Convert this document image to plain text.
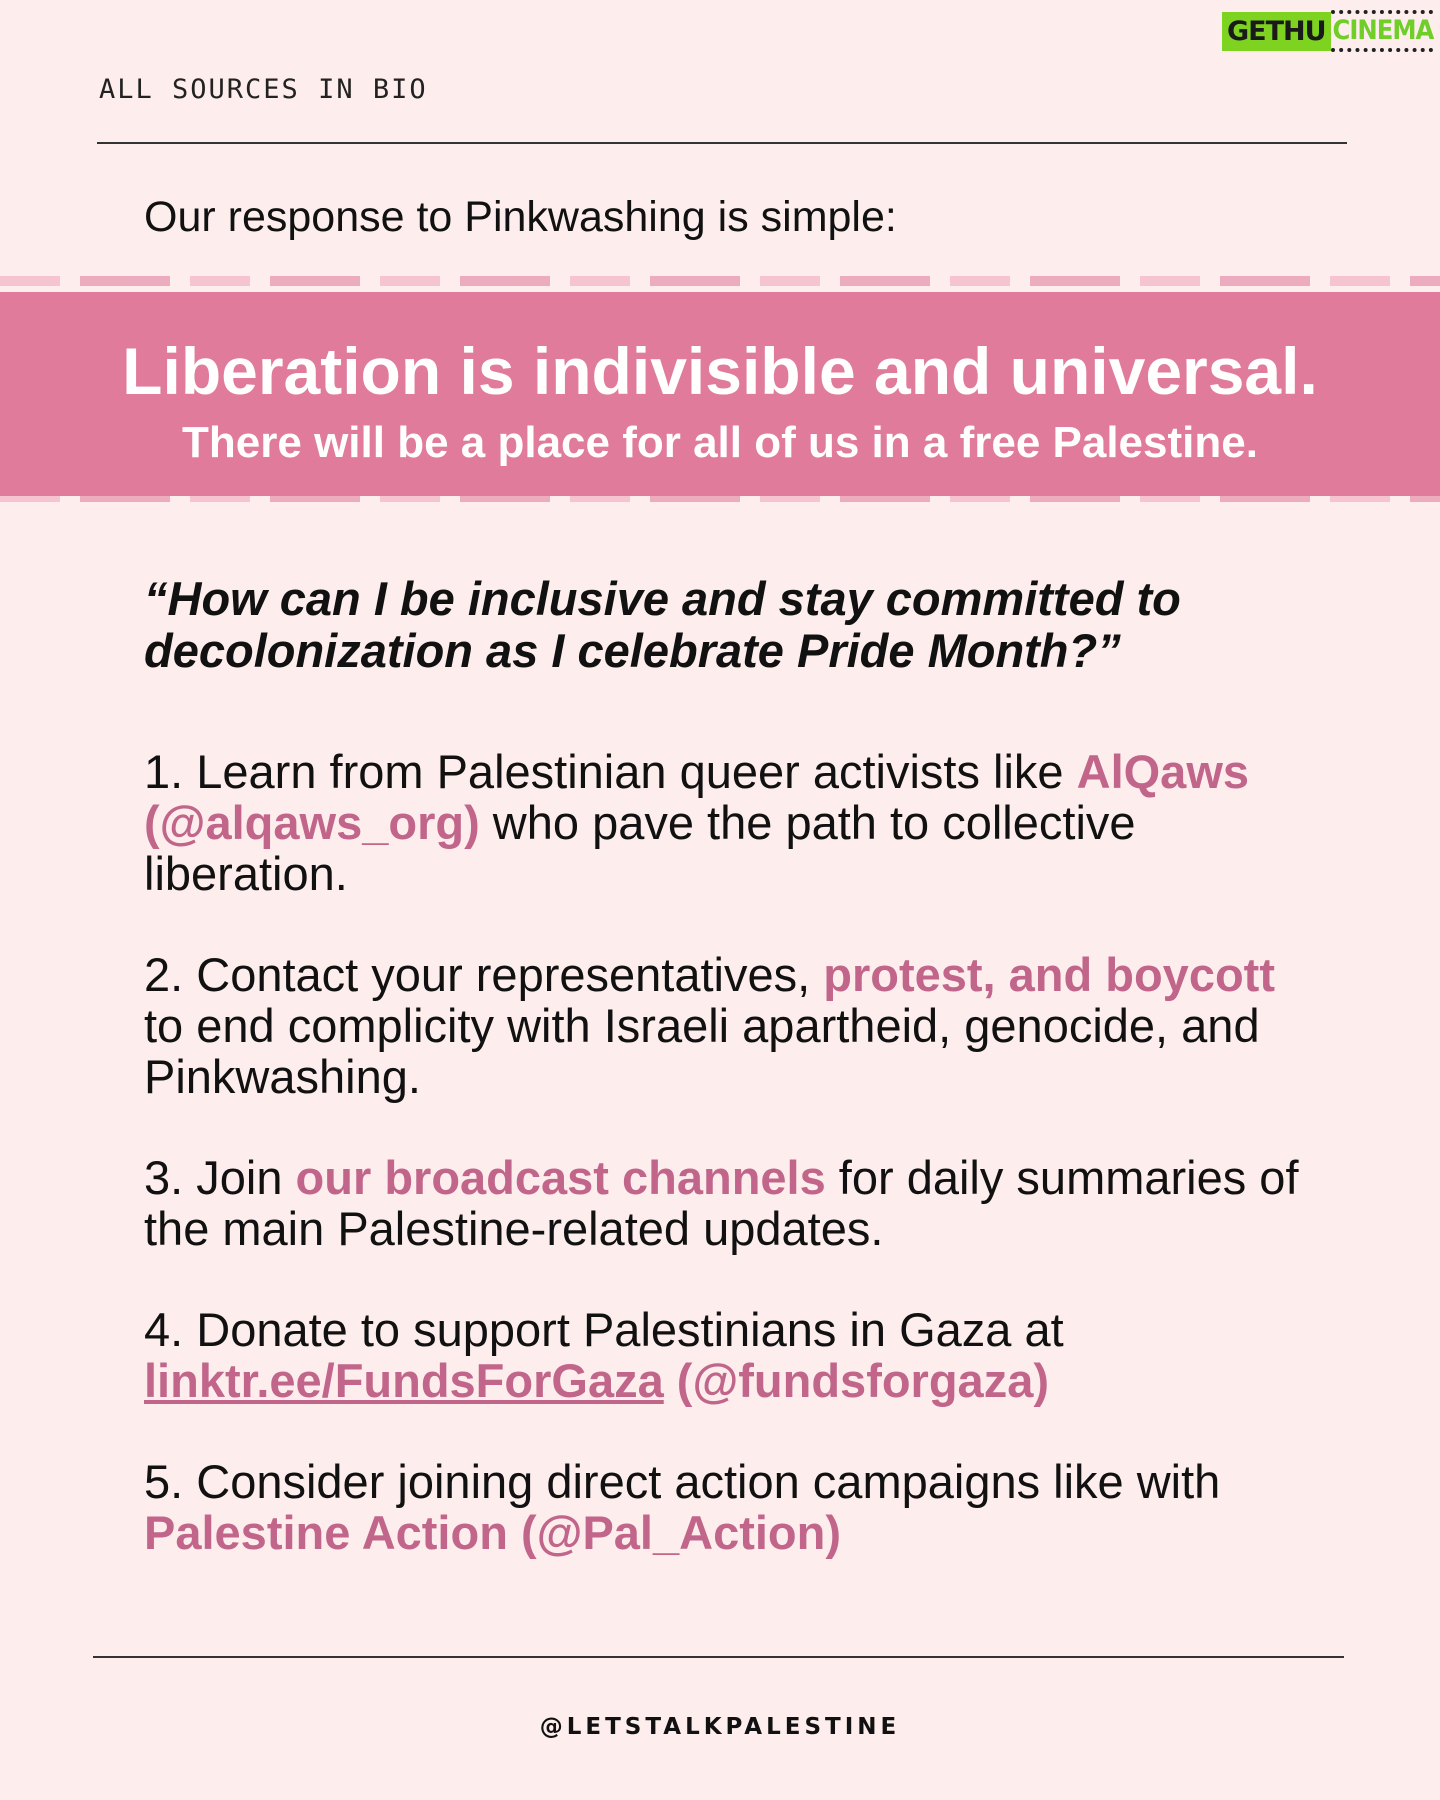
ALL SOURCES IN BIO
GETHU CINEMA
Our response to Pinkwashing is simple:
Liberation is indivisible and universal.
There will be a place for all of us in a free Palestine.
“How can I be inclusive and stay committed to decolonization as I celebrate Pride Month?”
1. Learn from Palestinian queer activists like AlQaws (@alqaws_org) who pave the path to collective liberation.
2. Contact your representatives, protest, and boycott to end complicity with Israeli apartheid, genocide, and Pinkwashing.
3. Join our broadcast channels for daily summaries of the main Palestine-related updates.
4. Donate to support Palestinians in Gaza at linktr.ee/FundsForGaza (@fundsforgaza)
5. Consider joining direct action campaigns like with Palestine Action (@Pal_Action)
@LETSTALKPALESTINE
